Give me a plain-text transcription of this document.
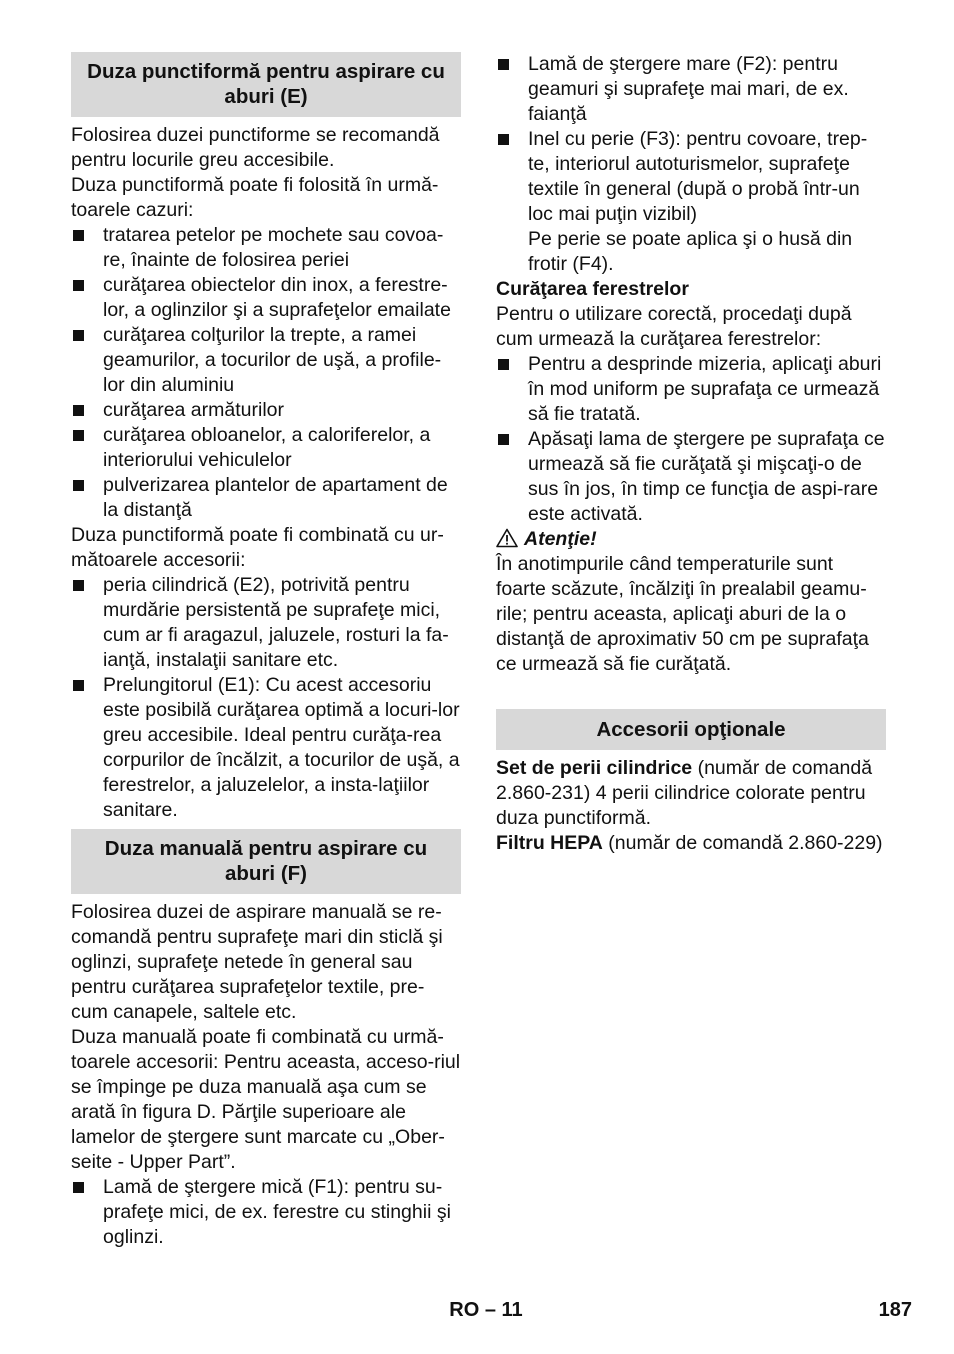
Duza punctiformă pentru aspirare cu aburi (E)

Folosirea duzei punctiforme se recomandă pentru locurile greu accesibile.

Duza punctiformă poate fi folosită în urmă-toarele cazuri:

tratarea petelor pe mochete sau covoa-re, înainte de folosirea periei
curăţarea obiectelor din inox, a ferestre-lor, a oglinzilor şi a suprafeţelor emailate
curăţarea colţurilor la trepte, a ramei geamurilor, a tocurilor de uşă, a profile-lor din aluminiu
curăţarea armăturilor
curăţarea obloanelor, a caloriferelor, a interiorului vehiculelor
pulverizarea plantelor de apartament de la distanţă

Duza punctiformă poate fi combinată cu ur-mătoarele accesorii:

peria cilindrică (E2), potrivită pentru murdărie persistentă pe suprafeţe mici, cum ar fi aragazul, jaluzele, rosturi la fa-ianţă, instalaţii sanitare etc.
Prelungitorul (E1): Cu acest accesoriu este posibilă curăţarea optimă a locuri-lor greu accesibile. Ideal pentru curăţa-rea corpurilor de încălzit, a tocurilor de uşă, a ferestrelor, a jaluzelelor, a insta-laţiilor sanitare.
Duza manuală pentru aspirare cu aburi (F)

Folosirea duzei de aspirare manuală se re-comandă pentru suprafeţe mari din sticlă şi oglinzi, suprafeţe netede în general sau pentru curăţarea suprafeţelor textile, pre-cum canapele, saltele etc.

Duza manuală poate fi combinată cu urmă-toarele accesorii: Pentru aceasta, acceso-riul se împinge pe duza manuală aşa cum se arată în figura D. Părţile superioare ale lamelor de ştergere sunt marcate cu „Ober-seite - Upper Part”.

Lamă de ştergere mică (F1): pentru su-prafeţe mici, de ex. ferestre cu stinghii şi oglinzi.
Lamă de ştergere mare (F2): pentru geamuri şi suprafeţe mai mari, de ex. faianţă
Inel cu perie (F3): pentru covoare, trep-te, interiorul autoturismelor, suprafeţe textile în general (după o probă într-un loc mai puţin vizibil)

Pe perie se poate aplica şi o husă din frotir (F4).

Curăţarea ferestrelor

Pentru o utilizare corectă, procedaţi după cum urmează la curăţarea ferestrelor:

Pentru a desprinde mizeria, aplicaţi aburi în mod uniform pe suprafaţa ce urmează să fie tratată.
Apăsaţi lama de ştergere pe suprafaţa ce urmează să fie curăţată şi mişcaţi-o de sus în jos, în timp ce funcţia de aspi-rare este activată.

Atenţie!

În anotimpurile când temperaturile sunt foarte scăzute, încălziţi în prealabil geamu-rile; pentru aceasta, aplicaţi aburi de la o distanţă de aproximativ 50 cm pe suprafaţa ce urmează să fie curăţată.

Accesorii opţionale

Set de perii cilindrice (număr de comandă 2.860-231) 4 perii cilindrice colorate pentru duza punctiformă.

Filtru HEPA (număr de comandă 2.860-229)

RO – 11	187
